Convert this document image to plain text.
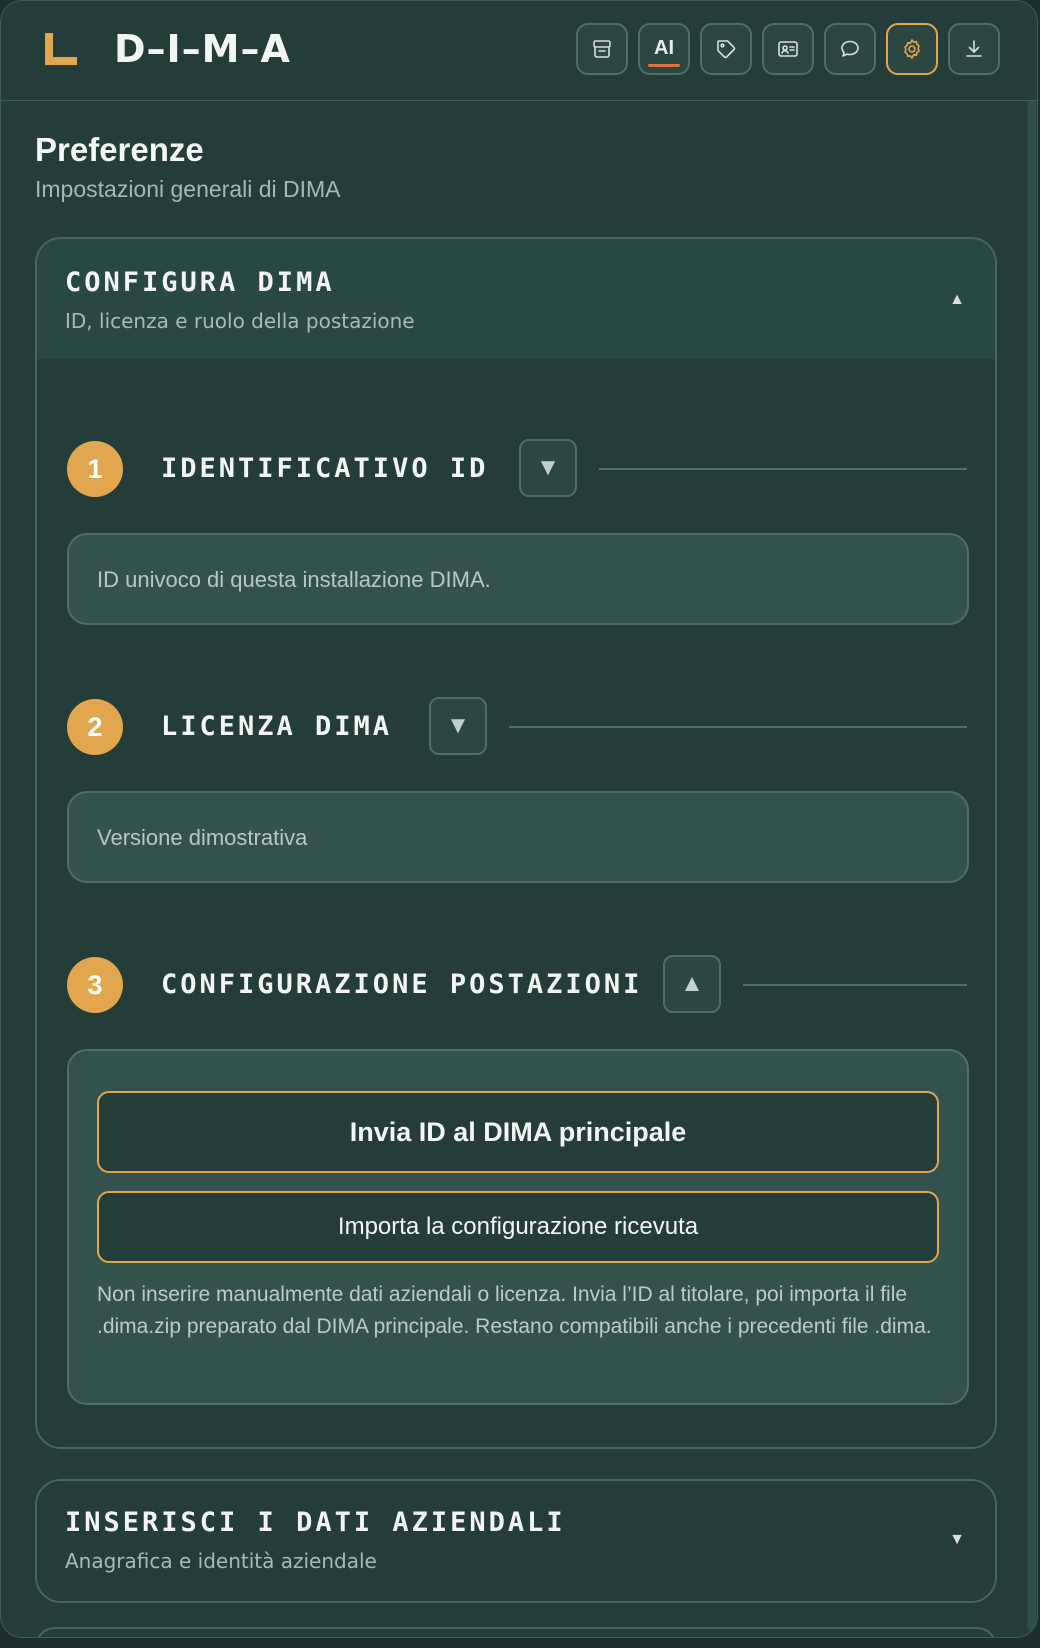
D–I–M–A	AI
Preferenze
Impostazioni generali di DIMA
CONFIGURA DIMA
ID, licenza e ruolo della postazione
▲
1	IDENTIFICATIVO ID ▼
ID univoco di questa installazione DIMA.
2	LICENZA DIMA ▼
Versione dimostrativa
3	CONFIGURAZIONE POSTAZIONI ▲
Invia ID al DIMA principale
Importa la configurazione ricevuta
Non inserire manualmente dati aziendali o licenza. Invia l’ID al titolare, poi importa il file .dima.zip preparato dal DIMA principale. Restano compatibili anche i precedenti file .dima.
INSERISCI I DATI AZIENDALI
Anagrafica e identità aziendale
▼
